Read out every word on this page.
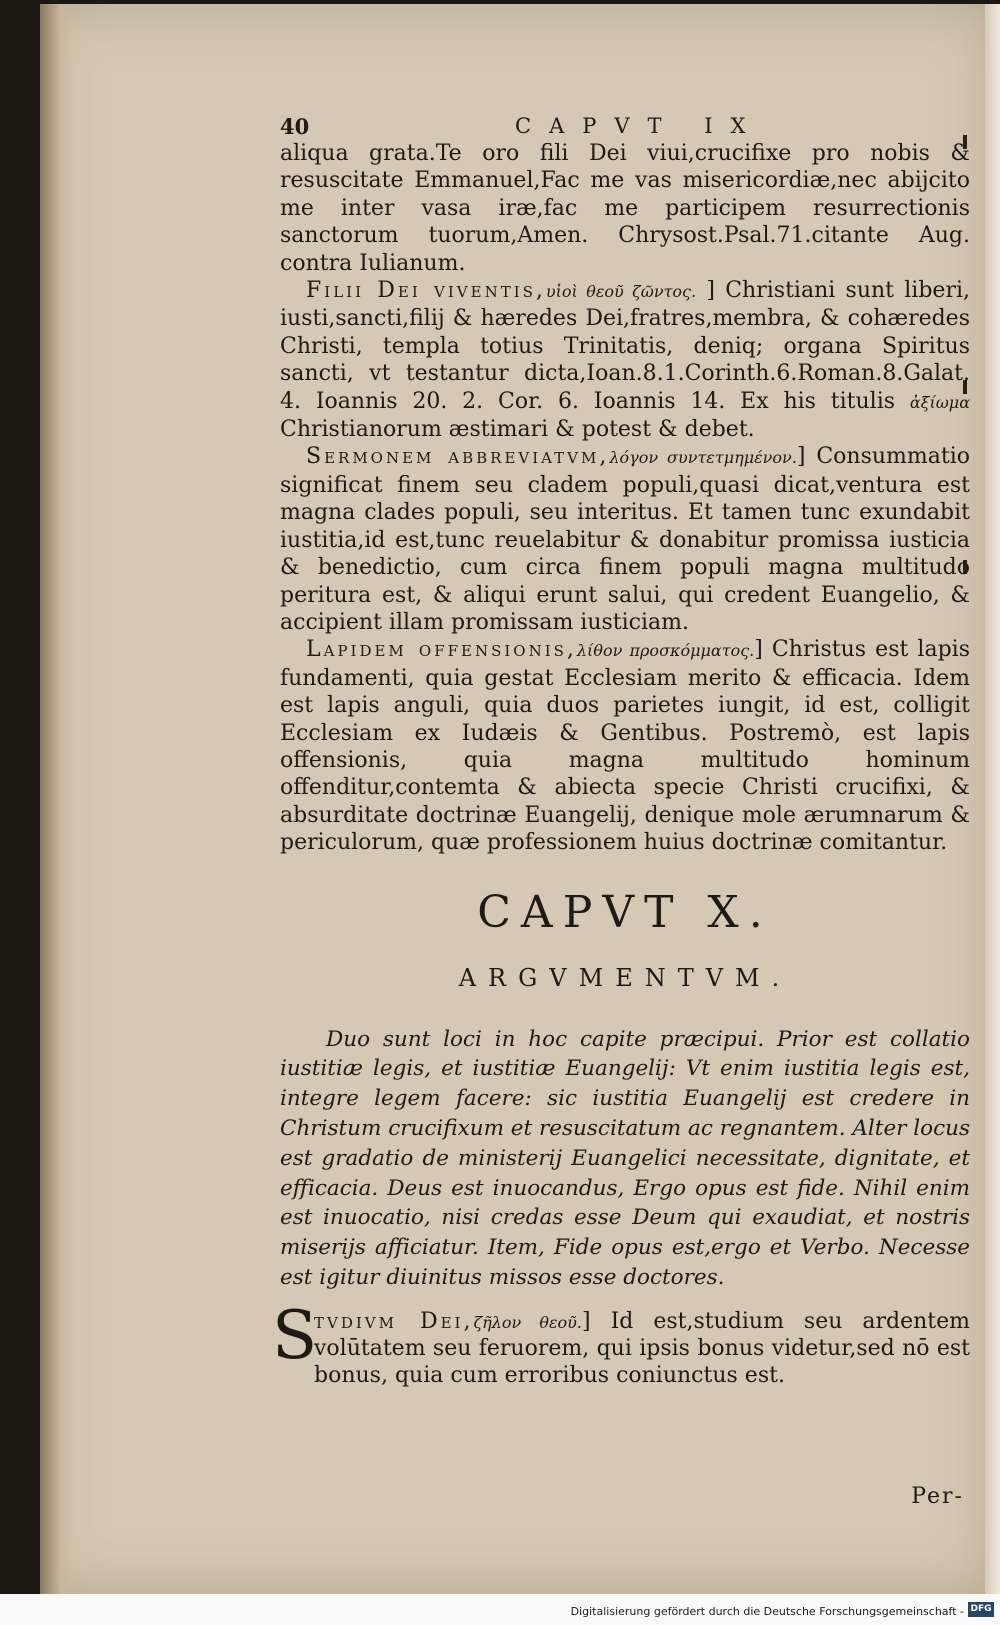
40	CAPVT IX

aliqua grata.Te oro fili Dei viui,crucifixe pro nobis & resuscitate Emmanuel,Fac me vas misericordiæ,nec abijcito me inter vasa iræ,fac me participem resurrectionis sanctorum tuorum,Amen. Chrysost.Psal.71.citante Aug. contra Iulianum.

Filii Dei viventis,υἱοὶ θεοῦ ζῶντος. ] Christiani sunt liberi, iusti,sancti,filij & hæredes Dei,fratres,membra, & cohæredes Christi, templa totius Trinitatis, deniq; organa Spiritus sancti, vt testantur dicta,Ioan.8.1.Corinth.6.Roman.8.Galat. 4. Ioannis 20. 2. Cor. 6. Ioannis 14. Ex his titulis ἀξίωμα Christianorum æstimari & potest & debet.

Sermonem abbreviatvm,λόγον συντετμημένον.] Consummatio significat finem seu cladem populi,quasi dicat,ventura est magna clades populi, seu interitus. Et tamen tunc exundabit iustitia,id est,tunc reuelabitur & donabitur promissa iusticia & benedictio, cum circa finem populi magna multitudo peritura est, & aliqui erunt salui, qui credent Euangelio, & accipient illam promissam iusticiam.

Lapidem offensionis,λίθον προσκόμματος.] Christus est lapis fundamenti, quia gestat Ecclesiam merito & efficacia. Idem est lapis anguli, quia duos parietes iungit, id est, colligit Ecclesiam ex Iudæis & Gentibus. Postremò, est lapis offensionis, quia magna multitudo hominum offenditur,contemta & abiecta specie Christi crucifixi, & absurditate doctrinæ Euangelij, denique mole ærumnarum & periculorum, quæ professionem huius doctrinæ comitantur.

CAPVT X.
ARGVMENTVM.

Duo sunt loci in hoc capite præcipui. Prior est collatio iustitiæ legis, et iustitiæ Euangelij: Vt enim iustitia legis est, integre legem facere: sic iustitia Euangelij est credere in Christum crucifixum et resuscitatum ac regnantem. Alter locus est gradatio de ministerij Euangelici necessitate, dignitate, et efficacia. Deus est inuocandus, Ergo opus est fide. Nihil enim est inuocatio, nisi credas esse Deum qui exaudiat, et nostris miserijs afficiatur. Item, Fide opus est,ergo et Verbo. Necesse est igitur diuinitus missos esse doctores.

S
tvdivm Dei,ζῆλον θεοῦ.] Id est,studium seu ardentem volūtatem seu feruorem, qui ipsis bonus videtur,sed nō est bonus, quia cum erroribus coniunctus est.
Per-
Digitalisierung gefördert durch die Deutsche Forschungsgemeinschaft - DFG
